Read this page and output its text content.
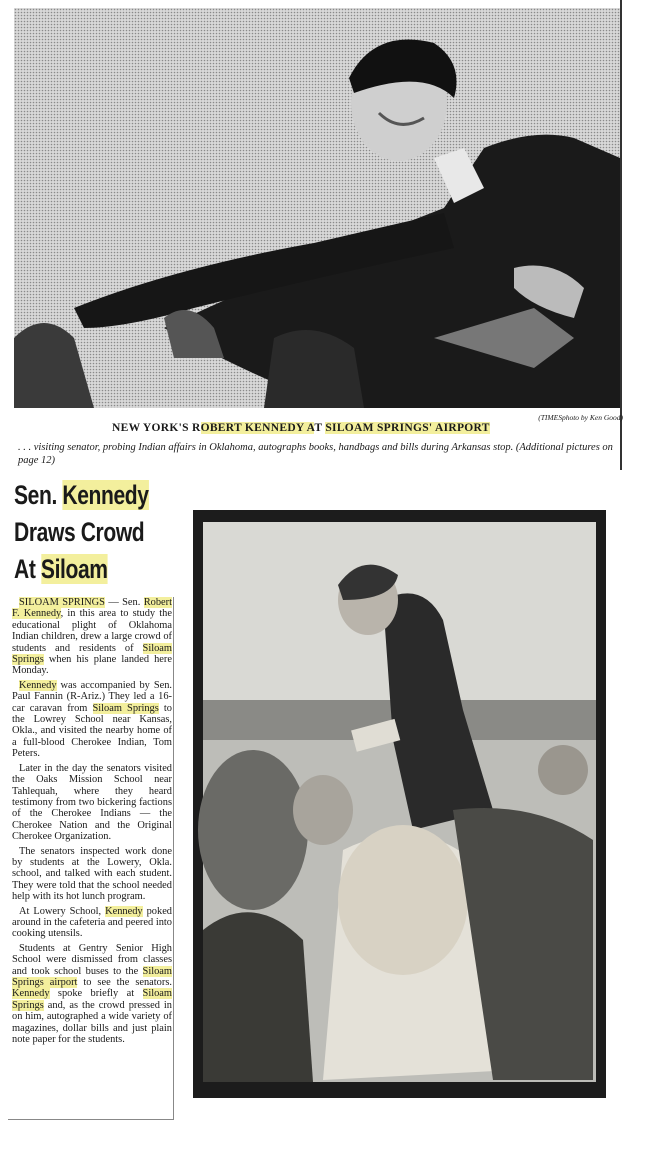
(TIMESphoto by Ken Good)
NEW YORK'S ROBERT KENNEDY AT SILOAM SPRINGS' AIRPORT
. . . visiting senator, probing Indian affairs in Oklahoma, autographs books, handbags and bills during Arkansas stop. (Additional pictures on page 12)
Sen. Kennedy
Draws Crowd
At Siloam

SILOAM SPRINGS — Sen. Robert F. Kennedy, in this area to study the educational plight of Oklahoma Indian children, drew a large crowd of students and residents of Siloam Springs when his plane landed here Monday.

Kennedy was accompanied by Sen. Paul Fannin (R-Ariz.) They led a 16-car caravan from Siloam Springs to the Lowrey School near Kansas, Okla., and visited the nearby home of a full-blood Cherokee Indian, Tom Peters.

Later in the day the senators visited the Oaks Mission School near Tahlequah, where they heard testimony from two bickering factions of the Cherokee Indians — the Cherokee Nation and the Original Cherokee Organization.

The senators inspected work done by students at the Lowery, Okla. school, and talked with each student. They were told that the school needed help with its hot lunch program.

At Lowery School, Kennedy poked around in the cafeteria and peered into cooking utensils.

Students at Gentry Senior High School were dismissed from classes and took school buses to the Siloam Springs airport to see the senators. Kennedy spoke briefly at Siloam Springs and, as the crowd pressed in on him, autographed a wide variety of magazines, dollar bills and just plain note paper for the students.
